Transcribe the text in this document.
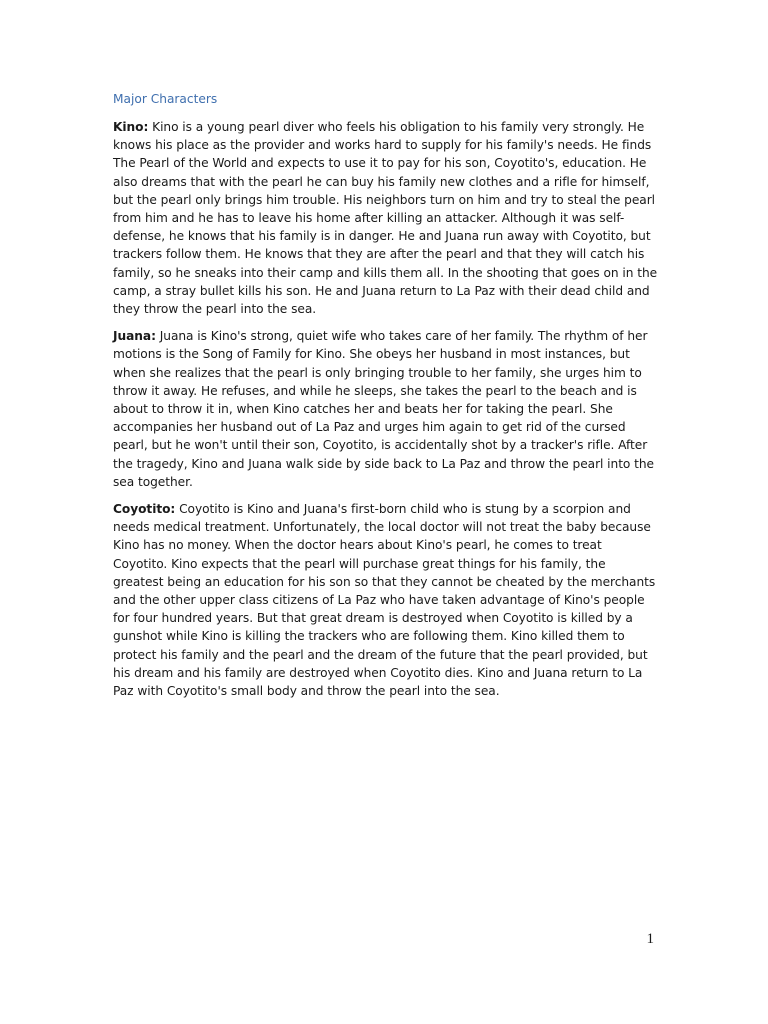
Major Characters

Kino: Kino is a young pearl diver who feels his obligation to his family very strongly. He knows his place as the provider and works hard to supply for his family's needs. He finds The Pearl of the World and expects to use it to pay for his son, Coyotito's, education. He also dreams that with the pearl he can buy his family new clothes and a rifle for himself, but the pearl only brings him trouble. His neighbors turn on him and try to steal the pearl from him and he has to leave his home after killing an attacker. Although it was self-defense, he knows that his family is in danger. He and Juana run away with Coyotito, but trackers follow them. He knows that they are after the pearl and that they will catch his family, so he sneaks into their camp and kills them all. In the shooting that goes on in the camp, a stray bullet kills his son. He and Juana return to La Paz with their dead child and they throw the pearl into the sea.

Juana: Juana is Kino's strong, quiet wife who takes care of her family. The rhythm of her motions is the Song of Family for Kino. She obeys her husband in most instances, but when she realizes that the pearl is only bringing trouble to her family, she urges him to throw it away. He refuses, and while he sleeps, she takes the pearl to the beach and is about to throw it in, when Kino catches her and beats her for taking the pearl. She accompanies her husband out of La Paz and urges him again to get rid of the cursed pearl, but he won't until their son, Coyotito, is accidentally shot by a tracker's rifle. After the tragedy, Kino and Juana walk side by side back to La Paz and throw the pearl into the sea together.

Coyotito: Coyotito is Kino and Juana's first-born child who is stung by a scorpion and needs medical treatment. Unfortunately, the local doctor will not treat the baby because Kino has no money. When the doctor hears about Kino's pearl, he comes to treat Coyotito. Kino expects that the pearl will purchase great things for his family, the greatest being an education for his son so that they cannot be cheated by the merchants and the other upper class citizens of La Paz who have taken advantage of Kino's people for four hundred years. But that great dream is destroyed when Coyotito is killed by a gunshot while Kino is killing the trackers who are following them. Kino killed them to protect his family and the pearl and the dream of the future that the pearl provided, but his dream and his family are destroyed when Coyotito dies. Kino and Juana return to La Paz with Coyotito's small body and throw the pearl into the sea.

1
